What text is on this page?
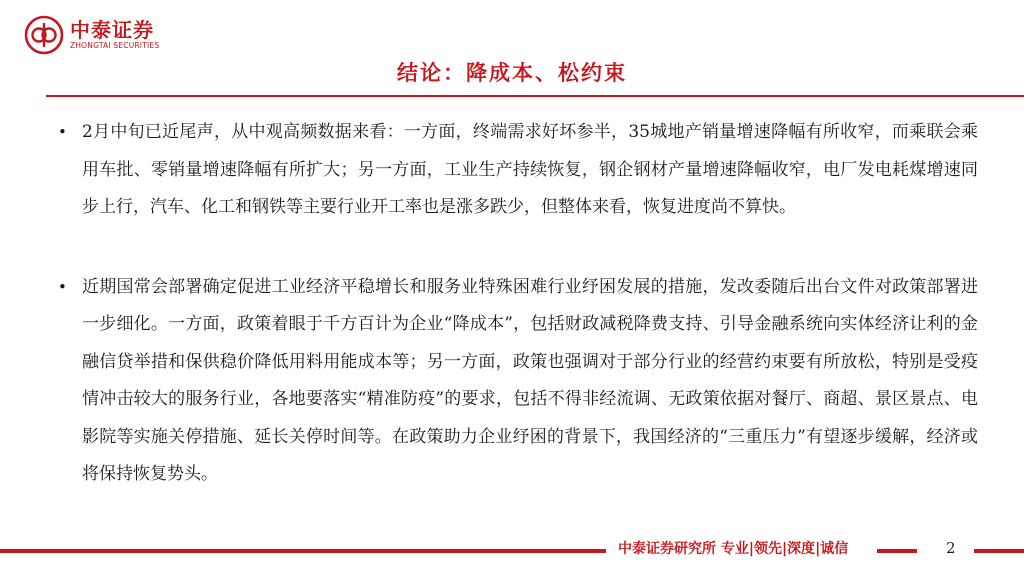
中泰证券
ZHONGTAI SECURITIES
结论：降成本、松约束
• 2月中旬已近尾声，从中观高频数据来看：一方面，终端需求好坏参半，35城地产销量增速降幅有所收窄，而乘联会乘用车批、零销量增速降幅有所扩大；另一方面，工业生产持续恢复，钢企钢材产量增速降幅收窄，电厂发电耗煤增速同步上行，汽车、化工和钢铁等主要行业开工率也是涨多跌少，但整体来看，恢复进度尚不算快。
• 近期国常会部署确定促进工业经济平稳增长和服务业特殊困难行业纾困发展的措施，发改委随后出台文件对政策部署进一步细化。一方面，政策着眼于千方百计为企业“降成本”，包括财政减税降费支持、引导金融系统向实体经济让利的金融信贷举措和保供稳价降低用料用能成本等；另一方面，政策也强调对于部分行业的经营约束要有所放松，特别是受疫情冲击较大的服务行业，各地要落实“精准防疫”的要求，包括不得非经流调、无政策依据对餐厅、商超、景区景点、电影院等实施关停措施、延长关停时间等。在政策助力企业纾困的背景下，我国经济的“三重压力”有望逐步缓解，经济或将保持恢复势头。
中泰证券研究所 专业|领先|深度|诚信	2
